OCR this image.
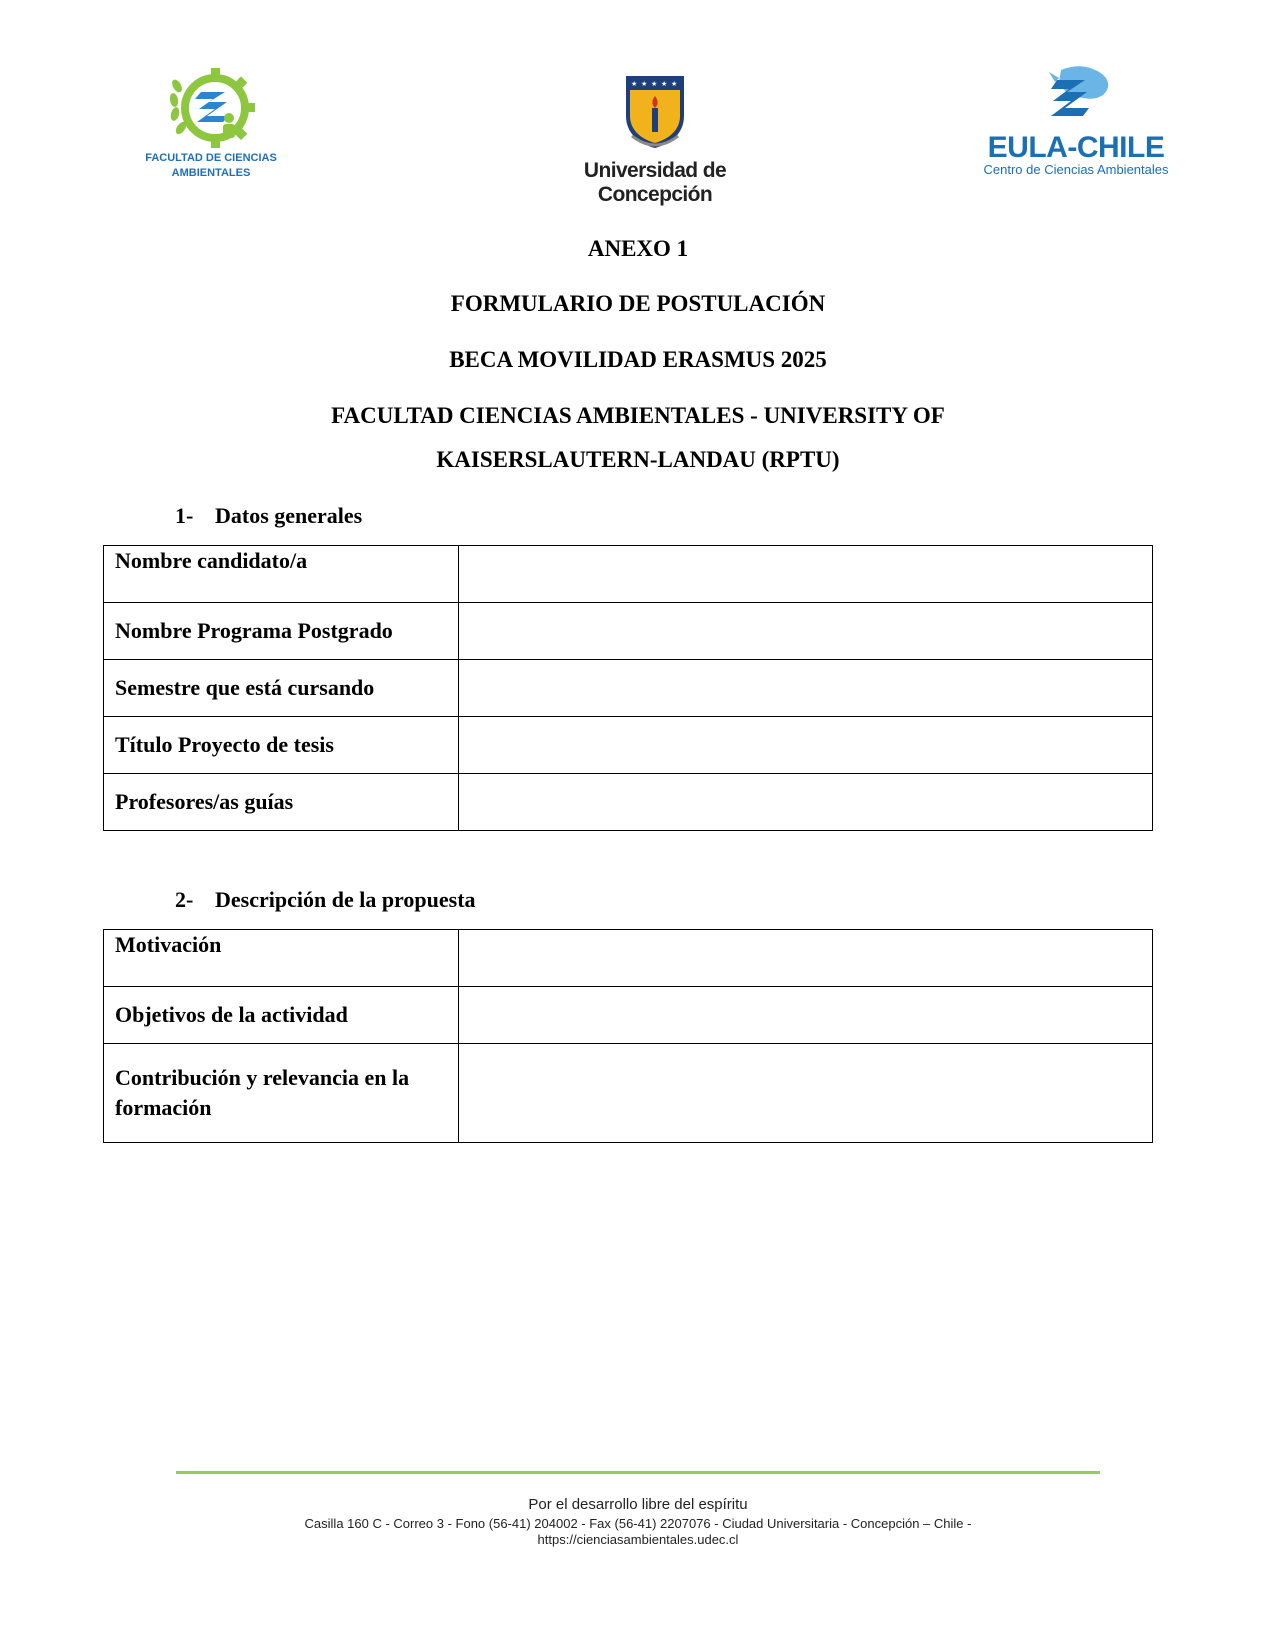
FACULTAD DE CIENCIAS
AMBIENTALES
★ ★ ★ ★ ★
Universidad de Concepción
EULA-CHILE
Centro de Ciencias Ambientales
ANEXO 1
FORMULARIO DE POSTULACIÓN
BECA MOVILIDAD ERASMUS 2025
FACULTAD CIENCIAS AMBIENTALES - UNIVERSITY OF
KAISERSLAUTERN-LANDAU (RPTU)
1- Datos generales
Nombre candidato/a	
Nombre Programa Postgrado	
Semestre que está cursando	
Título Proyecto de tesis	
Profesores/as guías	
2- Descripción de la propuesta
Motivación	
Objetivos de la actividad	
Contribución y relevancia en la formación	
Por el desarrollo libre del espíritu
Casilla 160 C - Correo 3 - Fono (56-41) 204002 - Fax (56-41) 2207076 - Ciudad Universitaria - Concepción – Chile -
https://cienciasambientales.udec.cl
